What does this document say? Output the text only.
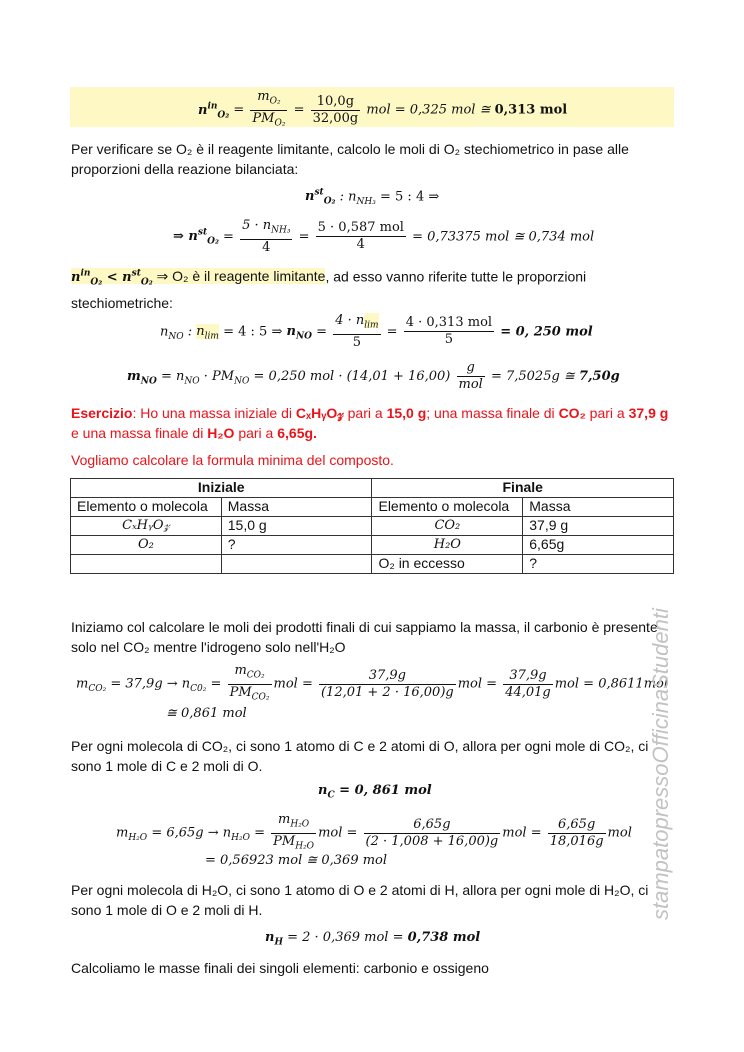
$n^{in}_{O_2} = \frac{m_{O_2}}{PM_{O_2}} = \frac{10,0g}{32,00g}$ mol = 0,325 mol ≅ 0,313 mol
Per verificare se O₂ è il reagente limitante, calcolo le moli di O₂ stechiometrico in pase alle proporzioni della reazione bilanciata:
$n^{st}_{O_2}$ : $n_{NH_3} = 5$ : 4 ⇒
⇒ $n^{st}_{O_2} = \frac{5 \cdot n_{NH_3}}{4} = \frac{\text{5 · 0,587 mol}}{4} = 0,73375$ mol ≅ 0,734 mol
$n^{in}_{O_2} < n^{st}_{O_2}$ ⇒ O₂ è il reagente limitante, ad esso vanno riferite tutte le proporzioni stechiometriche:
$n_{NO}$ : $n_{lim} = 4$ : 5 ⇒ $n_{NO} = \frac{4 \cdot n_{lim}}{5} = \frac{\text{4 · 0,313 mol}}{5} = 0$, 250 mol
$m_{NO} = n_{NO} \cdot PM_{NO} = 0,250$ mol · $(14,01 + 16,00) \frac{g}{\text{mol}} = 7,5025g$ ≅ 7,50g
Esercizio: Ho una massa iniziale di CₓHᵧO𝓏 pari a 15,0 g; una massa finale di CO₂ pari a 37,9 g e una massa finale di H₂O pari a 6,65g.
Vogliamo calcolare la formula minima del composto.
Iniziale		Finale	
Elemento o molecola	Massa	Elemento o molecola	Massa
CₓHᵧO𝓏	15,0 g	CO₂	37,9 g
O₂	?	H₂O	6,65g
		O₂ in eccesso	?
Iniziamo col calcolare le moli dei prodotti finali di cui sappiamo la massa, il carbonio è presente solo nel CO₂ mentre l'idrogeno solo nell'H₂O
$m_{CO_2} = 37,9g \to n_{C0_2} = \frac{m_{CO_2}}{PM_{CO_2}}$ mol = $\frac{37,9g}{(12,01 + 2 \cdot 16,00)g}$ mol = $\frac{37,9g}{44,01g}$ mol = 0,8611mol
≅ 0,861 mol
Per ogni molecola di CO₂, ci sono 1 atomo di C e 2 atomi di O, allora per ogni mole di CO₂, ci sono 1 mole di C e 2 moli di O.
$n_C = 0$, 861 mol
$m_{H_2O} = 6,65g \to n_{H_2O} = \frac{m_{H_2O}}{PM_{H_2O}}$ mol = $\frac{6,65g}{(2 \cdot 1,008 + 16,00)g}$ mol = $\frac{6,65g}{18,016g}$ mol
= 0,56923 mol ≅ 0,369 mol
Per ogni molecola di H₂O, ci sono 1 atomo di O e 2 atomi di H, allora per ogni mole di H₂O, ci sono 1 mole di O e 2 moli di H.
$n_H = 2 \cdot 0,369$ mol = 0,738 mol
Calcoliamo le masse finali dei singoli elementi: carbonio e ossigeno
stampatopressoOfficinaStudenti
